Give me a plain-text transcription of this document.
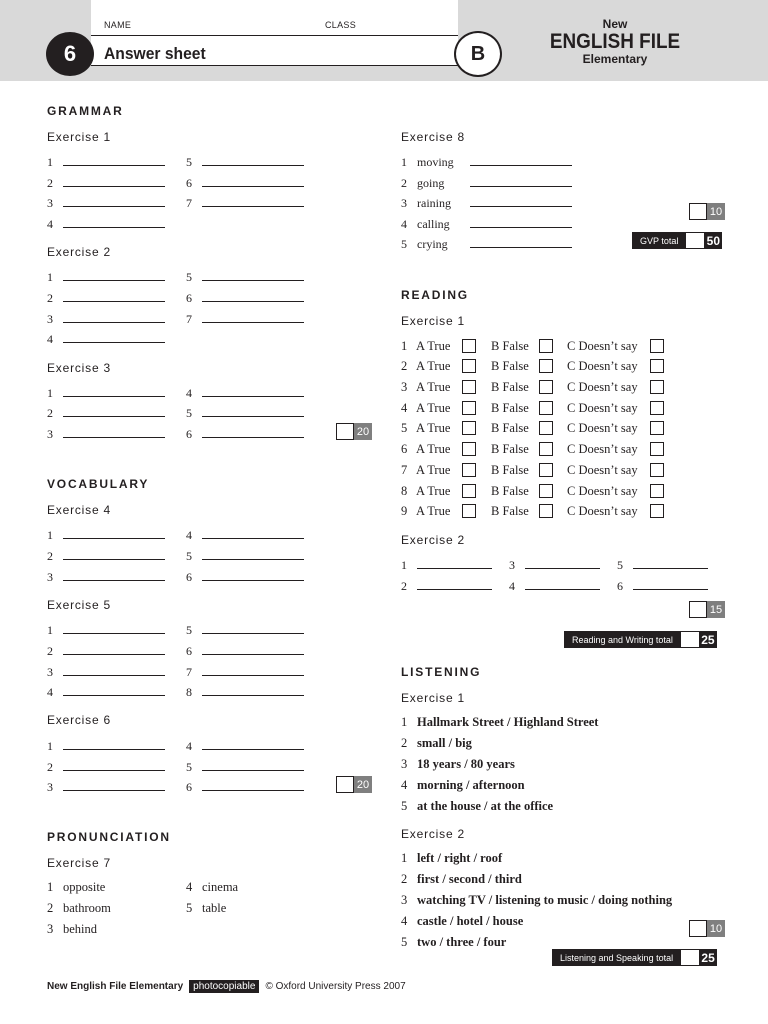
NAME	CLASS
6	Answer sheet	B
New
ENGLISH FILE
Elementary
GRAMMAR
Exercise 1
Exercise 2
Exercise 3
20
VOCABULARY
Exercise 4
Exercise 5
Exercise 6
20
PRONUNCIATION
Exercise 7
1 opposite
2 bathroom
3 behind
4 cinema
5 table
Exercise 8
10
GVP total	50
READING
Exercise 1
1 A True	B False	C Doesn’t say
2 A True	B False	C Doesn’t say
3 A True	B False	C Doesn’t say
4 A True	B False	C Doesn’t say
5 A True	B False	C Doesn’t say
6 A True	B False	C Doesn’t say
7 A True	B False	C Doesn’t say
8 A True	B False	C Doesn’t say
9 A True	B False	C Doesn’t say
Exercise 2
15
Reading and Writing total	25
LISTENING
Exercise 1
1 Hallmark Street / Highland Street
2 small / big
3 18 years / 80 years
4 morning / afternoon
5 at the house / at the office
Exercise 2
1 left / right / roof
2 first / second / third
3 watching TV / listening to music / doing nothing
4 castle / hotel / house
5 two / three / four
10
Listening and Speaking total	25
1
2
3
4
5
6
7
1
2
3
4
5
6
7
1
2
3
4
5
6
1
2
3
4
5
6
1
2
3
4
5
6
7
8
1
2
3
4
5
6
1 moving
2 going
3 raining
4 calling
5 crying
1
2
3
4
5
6
New English File Elementary	photocopiable	© Oxford University Press 2007
